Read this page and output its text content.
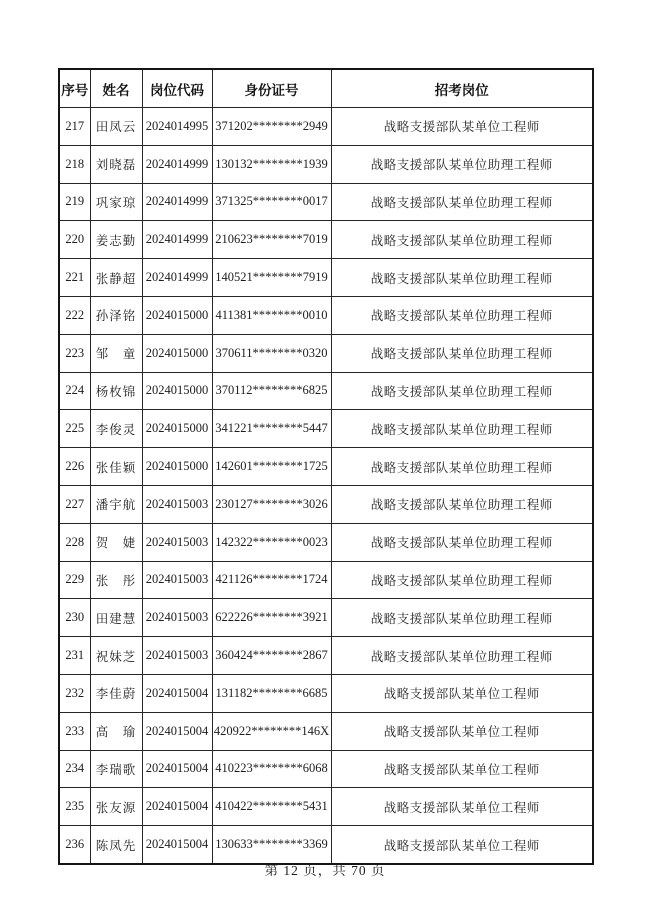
序号	姓名	岗位代码	身份证号	招考岗位
217	田凤云	2024014995	371202********2949	战略支援部队某单位工程师
218	刘晓磊	2024014999	130132********1939	战略支援部队某单位助理工程师
219	巩家琼	2024014999	371325********0017	战略支援部队某单位助理工程师
220	姜志勤	2024014999	210623********7019	战略支援部队某单位助理工程师
221	张静超	2024014999	140521********7919	战略支援部队某单位助理工程师
222	孙泽铭	2024015000	411381********0010	战略支援部队某单位助理工程师
223	邹　童	2024015000	370611********0320	战略支援部队某单位助理工程师
224	杨枚锦	2024015000	370112********6825	战略支援部队某单位助理工程师
225	李俊灵	2024015000	341221********5447	战略支援部队某单位助理工程师
226	张佳颖	2024015000	142601********1725	战略支援部队某单位助理工程师
227	潘宇航	2024015003	230127********3026	战略支援部队某单位助理工程师
228	贺　婕	2024015003	142322********0023	战略支援部队某单位助理工程师
229	张　彤	2024015003	421126********1724	战略支援部队某单位助理工程师
230	田建慧	2024015003	622226********3921	战略支援部队某单位助理工程师
231	祝妹芝	2024015003	360424********2867	战略支援部队某单位助理工程师
232	李佳蔚	2024015004	131182********6685	战略支援部队某单位工程师
233	高　瑜	2024015004	420922********146X	战略支援部队某单位工程师
234	李瑞歌	2024015004	410223********6068	战略支援部队某单位工程师
235	张友源	2024015004	410422********5431	战略支援部队某单位工程师
236	陈凤先	2024015004	130633********3369	战略支援部队某单位工程师
第 12 页，共 70 页
